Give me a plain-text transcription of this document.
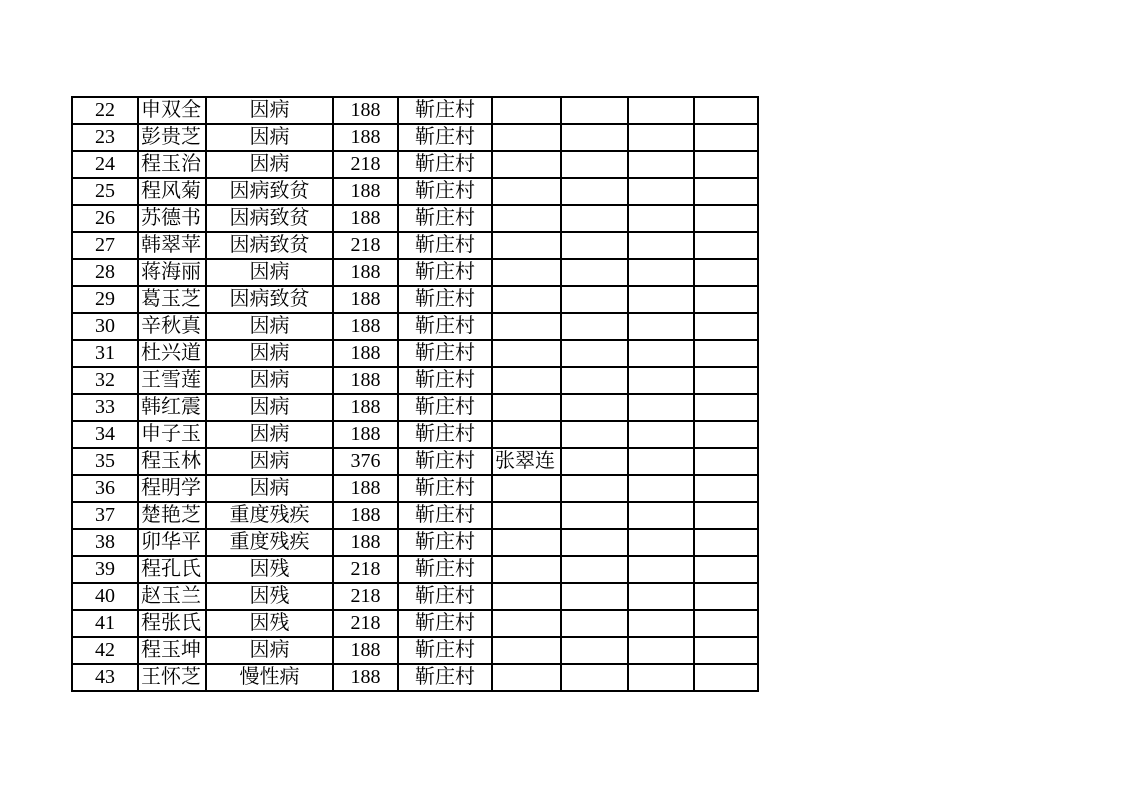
22	申双全	因病	188	靳庄村				
23	彭贵芝	因病	188	靳庄村				
24	程玉治	因病	218	靳庄村				
25	程风菊	因病致贫	188	靳庄村				
26	苏德书	因病致贫	188	靳庄村				
27	韩翠苹	因病致贫	218	靳庄村				
28	蒋海丽	因病	188	靳庄村				
29	葛玉芝	因病致贫	188	靳庄村				
30	辛秋真	因病	188	靳庄村				
31	杜兴道	因病	188	靳庄村				
32	王雪莲	因病	188	靳庄村				
33	韩红震	因病	188	靳庄村				
34	申子玉	因病	188	靳庄村				
35	程玉林	因病	376	靳庄村	张翠连			
36	程明学	因病	188	靳庄村				
37	楚艳芝	重度残疾	188	靳庄村				
38	卯华平	重度残疾	188	靳庄村				
39	程孔氏	因残	218	靳庄村				
40	赵玉兰	因残	218	靳庄村				
41	程张氏	因残	218	靳庄村				
42	程玉坤	因病	188	靳庄村				
43	王怀芝	慢性病	188	靳庄村				
